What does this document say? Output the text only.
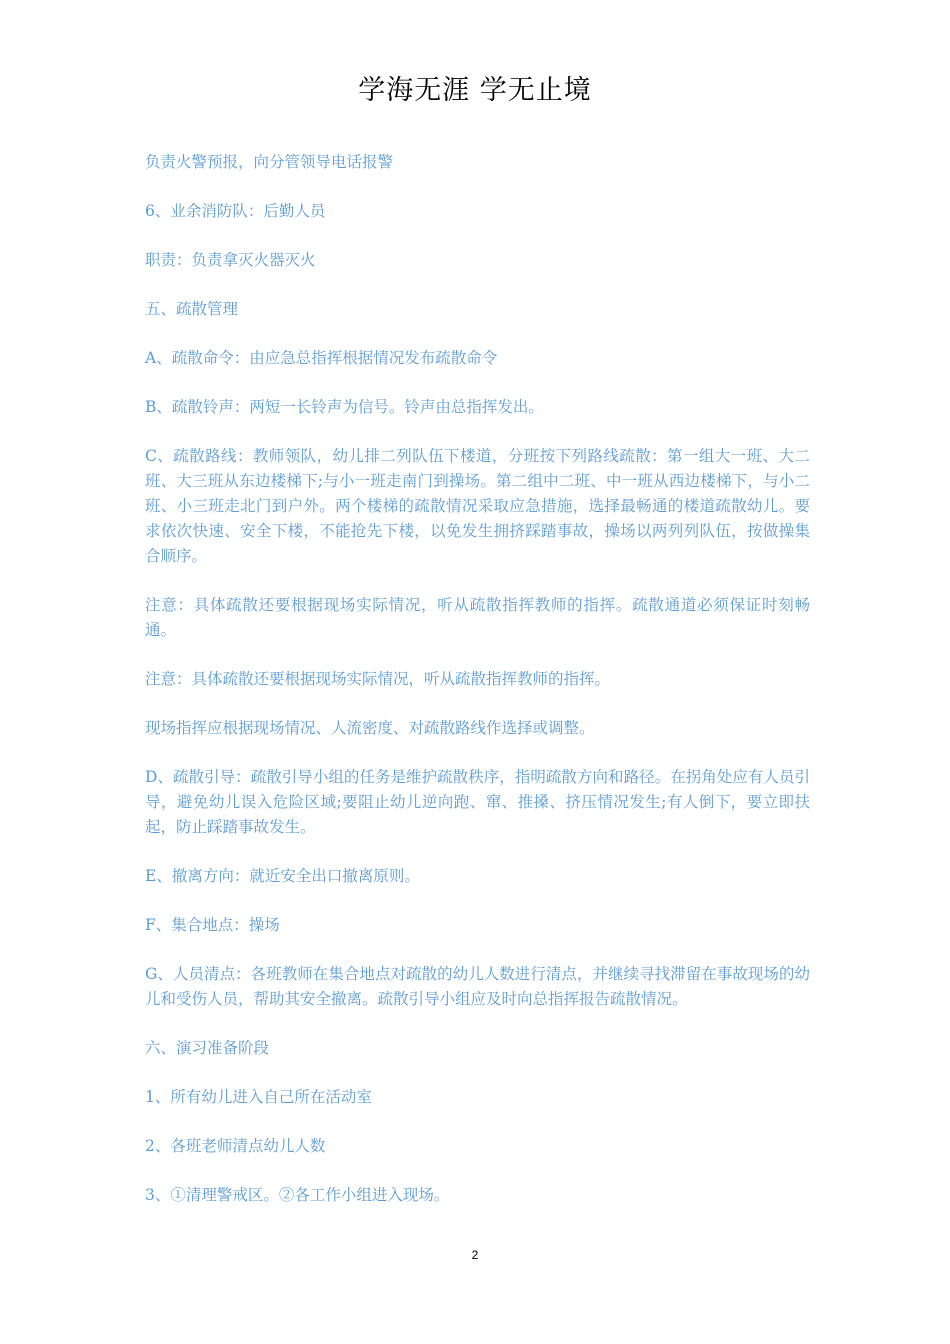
学海无涯 学无止境

负责火警预报，向分管领导电话报警

6、业余消防队：后勤人员

职责：负责拿灭火器灭火

五、疏散管理

A、疏散命令：由应急总指挥根据情况发布疏散命令

B、疏散铃声：两短一长铃声为信号。铃声由总指挥发出。

C、疏散路线：教师领队，幼儿排二列队伍下楼道，分班按下列路线疏散：第一组大一班、大二班、大三班从东边楼梯下;与小一班走南门到操场。第二组中二班、中一班从西边楼梯下，与小二班、小三班走北门到户外。两个楼梯的疏散情况采取应急措施，选择最畅通的楼道疏散幼儿。要求依次快速、安全下楼，不能抢先下楼，以免发生拥挤踩踏事故，操场以两列列队伍，按做操集合顺序。

注意：具体疏散还要根据现场实际情况，听从疏散指挥教师的指挥。疏散通道必须保证时刻畅通。

注意：具体疏散还要根据现场实际情况，听从疏散指挥教师的指挥。

现场指挥应根据现场情况、人流密度、对疏散路线作选择或调整。

D、疏散引导：疏散引导小组的任务是维护疏散秩序，指明疏散方向和路径。在拐角处应有人员引导，避免幼儿误入危险区域;要阻止幼儿逆向跑、窜、推搡、挤压情况发生;有人倒下，要立即扶起，防止踩踏事故发生。

E、撤离方向：就近安全出口撤离原则。

F、集合地点：操场

G、人员清点：各班教师在集合地点对疏散的幼儿人数进行清点，并继续寻找滞留在事故现场的幼儿和受伤人员，帮助其安全撤离。疏散引导小组应及时向总指挥报告疏散情况。

六、演习准备阶段

1、所有幼儿进入自己所在活动室

2、各班老师清点幼儿人数

3、①清理警戒区。②各工作小组进入现场。

2
